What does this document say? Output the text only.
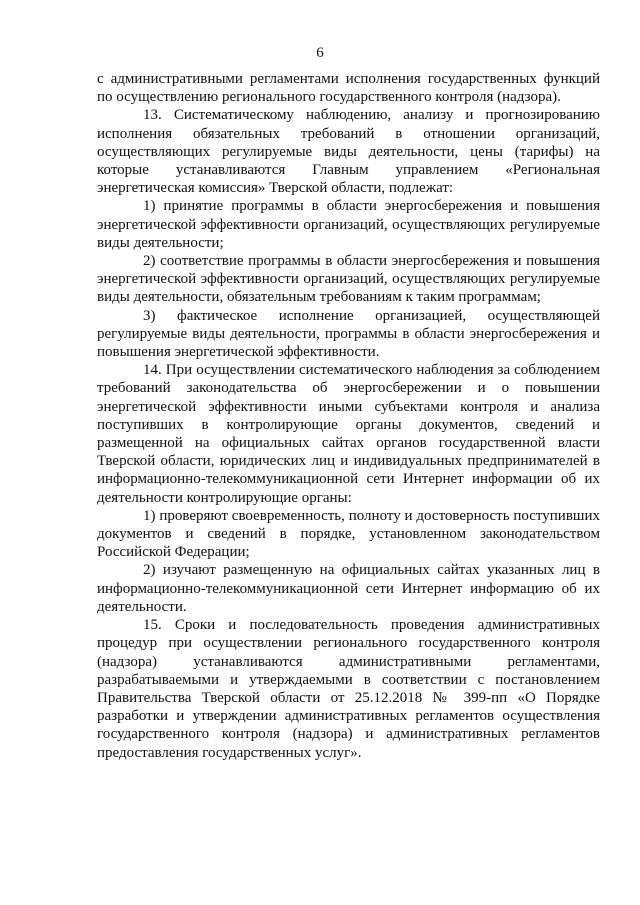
6

с административными регламентами исполнения государственных функций по осуществлению регионального государственного контроля (надзора).

13. Систематическому наблюдению, анализу и прогнозированию исполнения обязательных требований в отношении организаций, осуществляющих регулируемые виды деятельности, цены (тарифы) на которые устанавливаются Главным управлением «Региональная энергетическая комиссия» Тверской области, подлежат:

1) принятие программы в области энергосбережения и повышения энергетической эффективности организаций, осуществляющих регулируемые виды деятельности;

2) соответствие программы в области энергосбережения и повышения энергетической эффективности организаций, осуществляющих регулируемые виды деятельности, обязательным требованиям к таким программам;

3) фактическое исполнение организацией, осуществляющей регулируемые виды деятельности, программы в области энергосбережения и повышения энергетической эффективности.

14. При осуществлении систематического наблюдения за соблюдением требований законодательства об энергосбережении и о повышении энергетической эффективности иными субъектами контроля и анализа поступивших в контролирующие органы документов, сведений и размещенной на официальных сайтах органов государственной власти Тверской области, юридических лиц и индивидуальных предпринимателей в информационно-телекоммуникационной сети Интернет информации об их деятельности контролирующие органы:

1) проверяют своевременность, полноту и достоверность поступивших документов и сведений в порядке, установленном законодательством Российской Федерации;

2) изучают размещенную на официальных сайтах указанных лиц в информационно-телекоммуникационной сети Интернет информацию об их деятельности.

15. Сроки и последовательность проведения административных процедур при осуществлении регионального государственного контроля (надзора) устанавливаются административными регламентами, разрабатываемыми и утверждаемыми в соответствии с постановлением Правительства Тверской области от 25.12.2018 № 399-пп «О Порядке разработки и утверждении административных регламентов осуществления государственного контроля (надзора) и административных регламентов предоставления государственных услуг».
